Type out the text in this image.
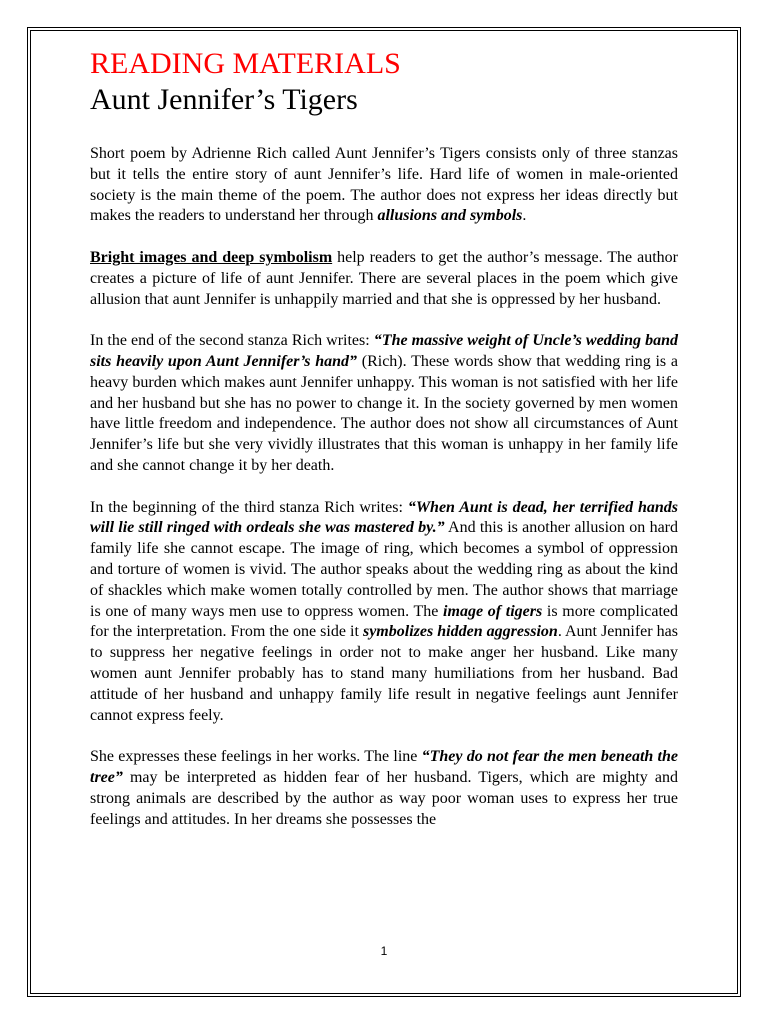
READING MATERIALS
Aunt Jennifer’s Tigers

Short poem by Adrienne Rich called Aunt Jennifer’s Tigers consists only of three stanzas but it tells the entire story of aunt Jennifer’s life. Hard life of women in male-oriented society is the main theme of the poem. The author does not express her ideas directly but makes the readers to understand her through allusions and symbols.

Bright images and deep symbolism help readers to get the author’s message. The author creates a picture of life of aunt Jennifer. There are several places in the poem which give allusion that aunt Jennifer is unhappily married and that she is oppressed by her husband.

In the end of the second stanza Rich writes: “The massive weight of Uncle’s wedding band sits heavily upon Aunt Jennifer’s hand” (Rich). These words show that wedding ring is a heavy burden which makes aunt Jennifer unhappy. This woman is not satisfied with her life and her husband but she has no power to change it. In the society governed by men women have little freedom and independence. The author does not show all circumstances of Aunt Jennifer’s life but she very vividly illustrates that this woman is unhappy in her family life and she cannot change it by her death.

In the beginning of the third stanza Rich writes: “When Aunt is dead, her terrified hands will lie still ringed with ordeals she was mastered by.” And this is another allusion on hard family life she cannot escape. The image of ring, which becomes a symbol of oppression and torture of women is vivid. The author speaks about the wedding ring as about the kind of shackles which make women totally controlled by men. The author shows that marriage is one of many ways men use to oppress women. The image of tigers is more complicated for the interpretation. From the one side it symbolizes hidden aggression. Aunt Jennifer has to suppress her negative feelings in order not to make anger her husband. Like many women aunt Jennifer probably has to stand many humiliations from her husband. Bad attitude of her husband and unhappy family life result in negative feelings aunt Jennifer cannot express feely.

She expresses these feelings in her works. The line “They do not fear the men beneath the tree” may be interpreted as hidden fear of her husband. Tigers, which are mighty and strong animals are described by the author as way poor woman uses to express her true feelings and attitudes. In her dreams she possesses the

1
